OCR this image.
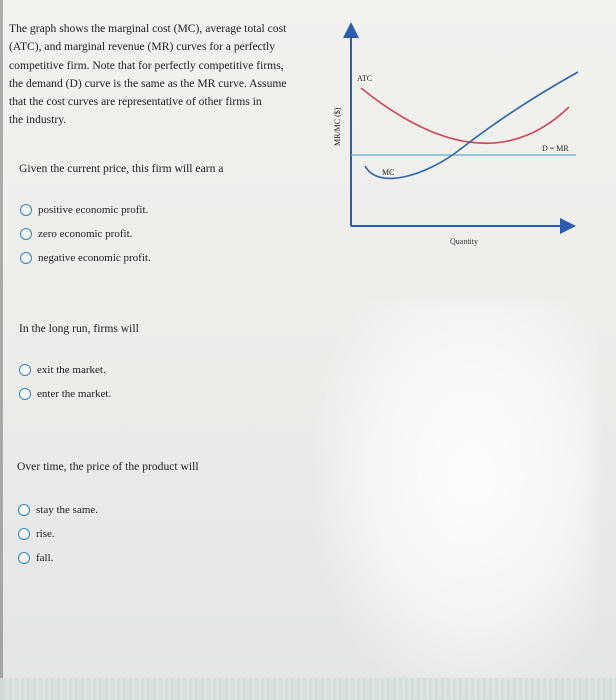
The graph shows the marginal cost (MC), average total cost
(ATC), and marginal revenue (MR) curves for a perfectly
competitive firm. Note that for perfectly competitive firms,
the demand (D) curve is the same as the MR curve. Assume
that the cost curves are representative of other firms in
the industry.	MR/MC ($)
Quantity
ATC
MC
D = MR
Given the current price, this firm will earn a
positive economic profit.
zero economic profit.
negative economic profit.
In the long run, firms will
exit the market.
enter the market.
Over time, the price of the product will
stay the same.
rise.
fall.
